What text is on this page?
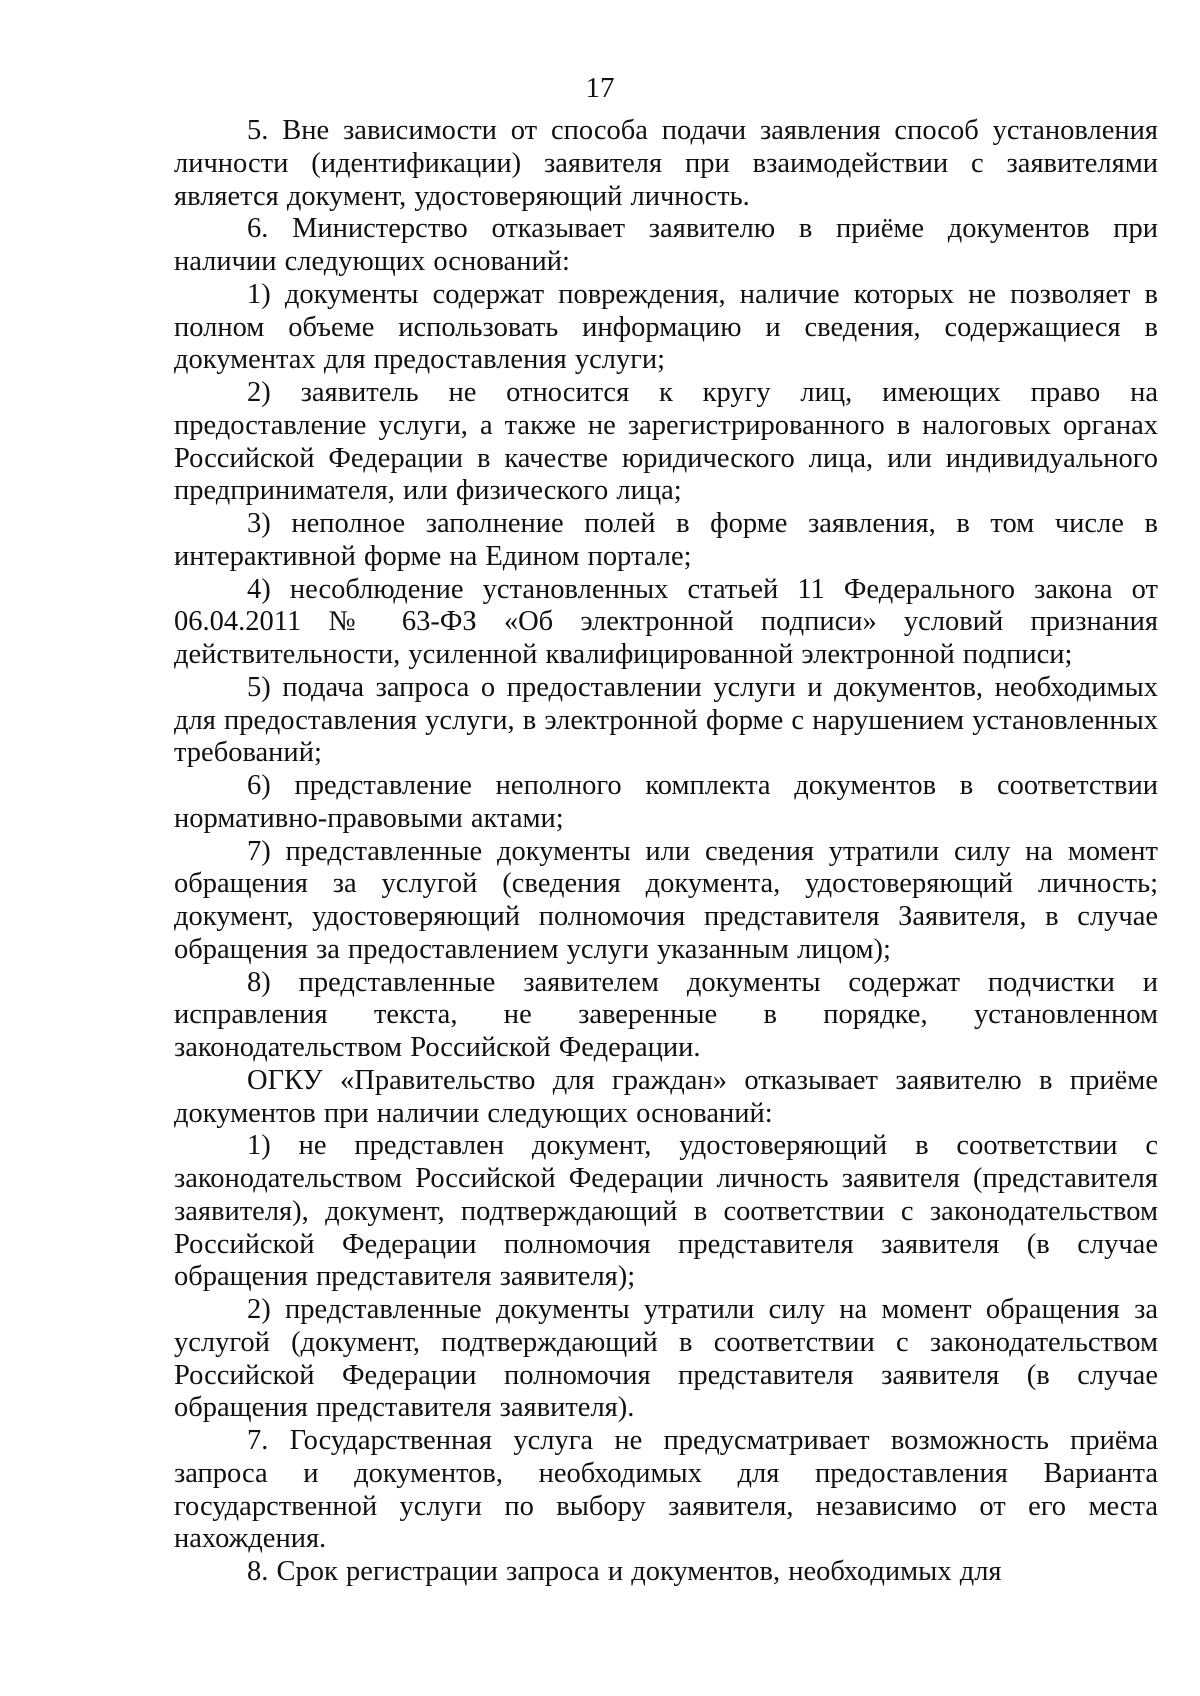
17

5. Вне зависимости от способа подачи заявления способ установления личности (идентификации) заявителя при взаимодействии с заявителями является документ, удостоверяющий личность.

6. Министерство отказывает заявителю в приёме документов при наличии следующих оснований:

1) документы содержат повреждения, наличие которых не позволяет в полном объеме использовать информацию и сведения, содержащиеся в документах для предоставления услуги;

2) заявитель не относится к кругу лиц, имеющих право на предоставление услуги, а также не зарегистрированного в налоговых органах Российской Федерации в качестве юридического лица, или индивидуального предпринимателя, или физического лица;

3) неполное заполнение полей в форме заявления, в том числе в интерактивной форме на Едином портале;

4) несоблюдение установленных статьей 11 Федерального закона от 06.04.2011 № 63-ФЗ «Об электронной подписи» условий признания действительности, усиленной квалифицированной электронной подписи;

5) подача запроса о предоставлении услуги и документов, необходимых для предоставления услуги, в электронной форме с нарушением установленных требований;

6) представление неполного комплекта документов в соответствии нормативно-правовыми актами;

7) представленные документы или сведения утратили силу на момент обращения за услугой (сведения документа, удостоверяющий личность; документ, удостоверяющий полномочия представителя Заявителя, в случае обращения за предоставлением услуги указанным лицом);

8) представленные заявителем документы содержат подчистки и исправления текста, не заверенные в порядке, установленном законодательством Российской Федерации.

ОГКУ «Правительство для граждан» отказывает заявителю в приёме документов при наличии следующих оснований:

1) не представлен документ, удостоверяющий в соответствии с законодательством Российской Федерации личность заявителя (представителя заявителя), документ, подтверждающий в соответствии с законодательством Российской Федерации полномочия представителя заявителя (в случае обращения представителя заявителя);

2) представленные документы утратили силу на момент обращения за услугой (документ, подтверждающий в соответствии с законодательством Российской Федерации полномочия представителя заявителя (в случае обращения представителя заявителя).

7. Государственная услуга не предусматривает возможность приёма запроса и документов, необходимых для предоставления Варианта государственной услуги по выбору заявителя, независимо от его места нахождения.

8. Срок регистрации запроса и документов, необходимых для
